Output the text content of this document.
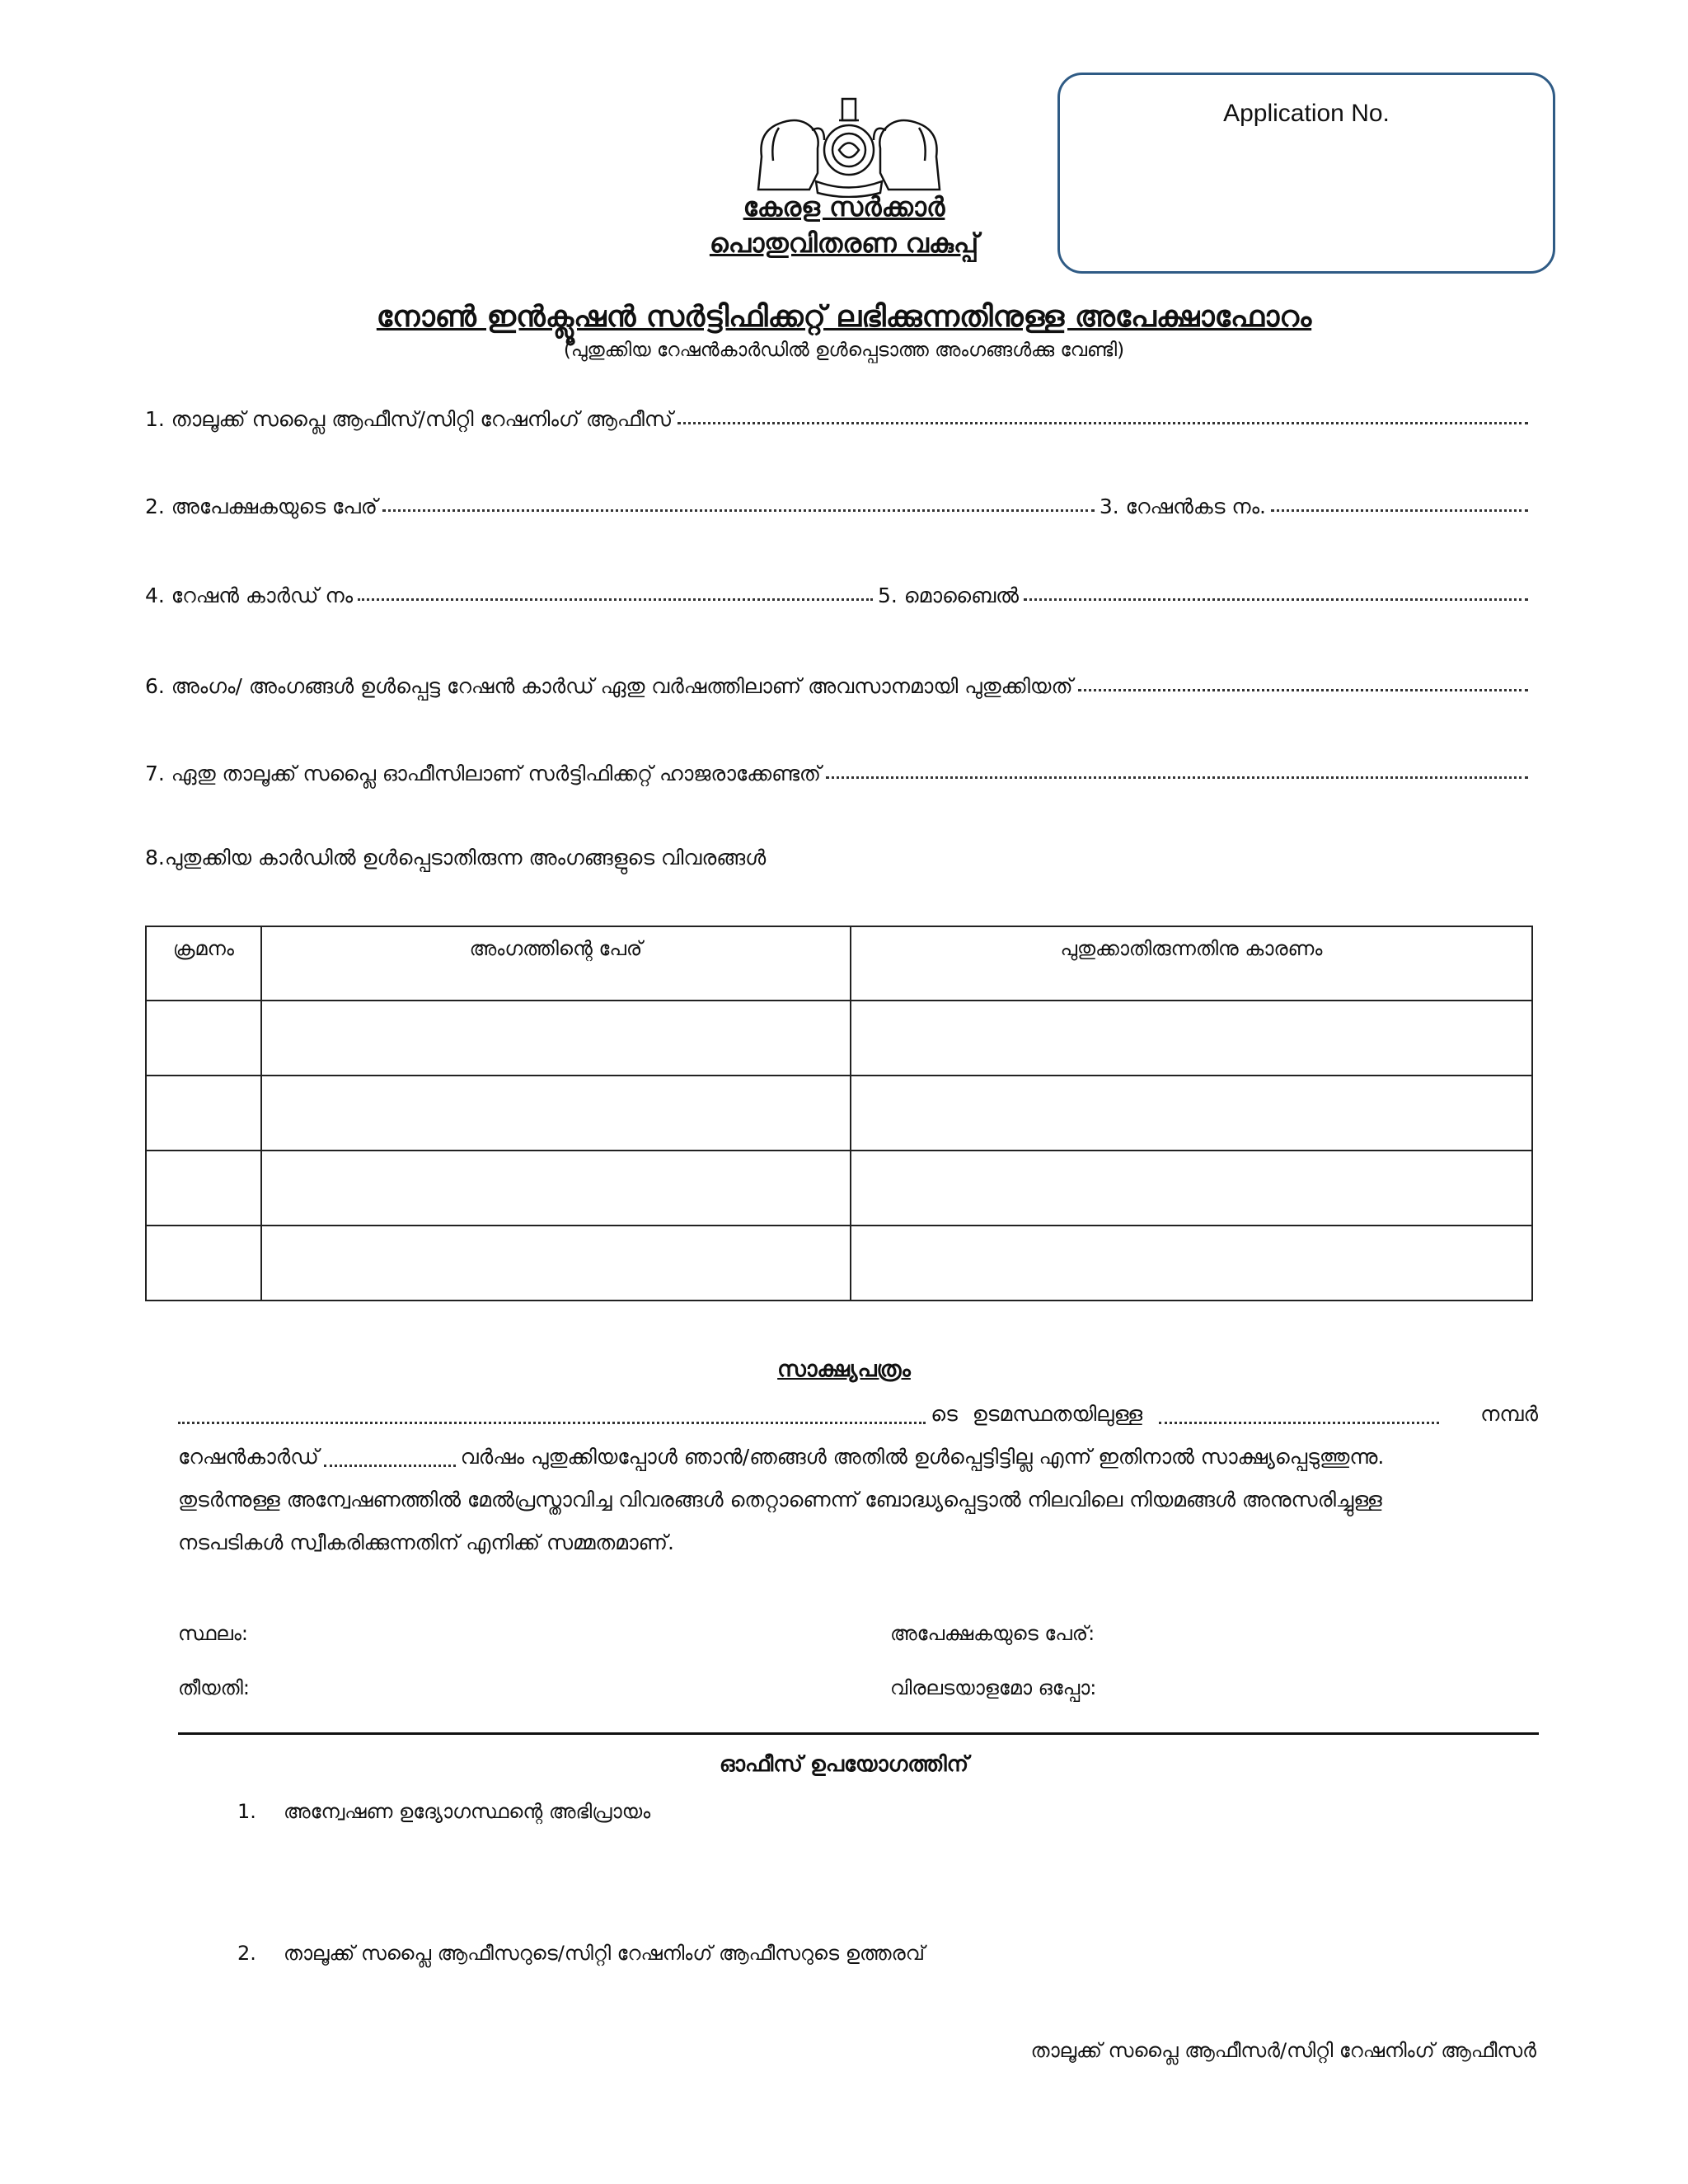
കേരള സർക്കാർ
പൊതുവിതരണ വകുപ്പ്
Application No.
നോൺ ഇൻക്ലൂഷൻ സർട്ടിഫിക്കറ്റ് ലഭിക്കുന്നതിനുള്ള അപേക്ഷാഫോറം
(പുതുക്കിയ റേഷൻകാർഡിൽ ഉൾപ്പെടാത്ത അംഗങ്ങൾക്കു വേണ്ടി)
1. താലൂക്ക് സപ്ലൈ ആഫീസ്/സിറ്റി റേഷനിംഗ് ആഫീസ്
2. അപേക്ഷകയുടെ പേര്	3. റേഷൻകട നം.
4. റേഷൻ കാർഡ് നം	5. മൊബൈൽ
6. അംഗം/ അംഗങ്ങൾ ഉൾപ്പെട്ട റേഷൻ കാർഡ് ഏതു വർഷത്തിലാണ് അവസാനമായി പുതുക്കിയത്
7. ഏതു താലൂക്ക് സപ്ലൈ ഓഫീസിലാണ് സർട്ടിഫിക്കറ്റ് ഹാജരാക്കേണ്ടത്
8.പുതുക്കിയ കാർഡിൽ ഉൾപ്പെടാതിരുന്ന അംഗങ്ങളുടെ വിവരങ്ങൾ
ക്രമനം	അംഗത്തിന്റെ പേര്	പുതുക്കാതിരുന്നതിനു കാരണം

സാക്ഷ്യപത്രം
ടെ ഉടമസ്ഥതയിലുള്ള	നമ്പർ
റേഷൻകാർഡ്	വർഷം പുതുക്കിയപ്പോൾ ഞാൻ/ഞങ്ങൾ അതിൽ ഉൾപ്പെട്ടിട്ടില്ല എന്ന് ഇതിനാൽ സാക്ഷ്യപ്പെടുത്തുന്നു.
തുടർന്നുള്ള അന്വേഷണത്തിൽ മേൽപ്രസ്താവിച്ച വിവരങ്ങൾ തെറ്റാണെന്ന് ബോദ്ധ്യപ്പെട്ടാൽ നിലവിലെ നിയമങ്ങൾ അനുസരിച്ചുള്ള
നടപടികൾ സ്വീകരിക്കുന്നതിന് എനിക്ക് സമ്മതമാണ്.
സ്ഥലം:
തീയതി:
അപേക്ഷകയുടെ പേര്:
വിരലടയാളമോ ഒപ്പോ:
ഓഫീസ് ഉപയോഗത്തിന്
1. അന്വേഷണ ഉദ്യോഗസ്ഥന്റെ അഭിപ്രായം
2. താലൂക്ക് സപ്ലൈ ആഫീസറുടെ/സിറ്റി റേഷനിംഗ് ആഫീസറുടെ ഉത്തരവ്
താലൂക്ക് സപ്ലൈ ആഫീസർ/സിറ്റി റേഷനിംഗ് ആഫീസർ
